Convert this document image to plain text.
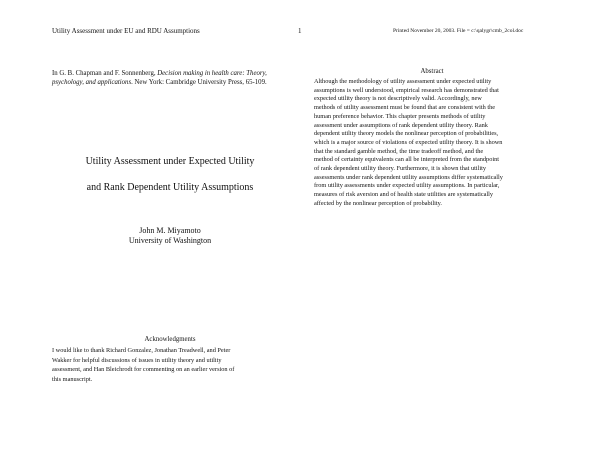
Utility Assessment under EU and RDU Assumptions	1	Printed November 20, 2003. File = c:\qalygr\cmb_2col.doc
In G. B. Chapman and F. Sonnenberg, Decision making in health care: Theory, psychology, and applications. New York: Cambridge University Press, 65-109.
Utility Assessment under Expected Utility
and Rank Dependent Utility Assumptions
John M. Miyamoto
University of Washington
Acknowledgments
I would like to thank Richard Gonzalez, Jonathan Treadwell, and Peter
Wakker for helpful discussions of issues in utility theory and utility
assessment, and Han Bleichrodt for commenting on an earlier version of
this manuscript.
Abstract
Although the methodology of utility assessment under expected utility
assumptions is well understood, empirical research has demonstrated that
expected utility theory is not descriptively valid. Accordingly, new
methods of utility assessment must be found that are consistent with the
human preference behavior. This chapter presents methods of utility
assessment under assumptions of rank dependent utility theory. Rank
dependent utility theory models the nonlinear perception of probabilities,
which is a major source of violations of expected utility theory. It is shown
that the standard gamble method, the time tradeoff method, and the
method of certainty equivalents can all be interpreted from the standpoint
of rank dependent utility theory. Furthermore, it is shown that utility
assessments under rank dependent utility assumptions differ systematically
from utility assessments under expected utility assumptions. In particular,
measures of risk aversion and of health state utilities are systematically
affected by the nonlinear perception of probability.
